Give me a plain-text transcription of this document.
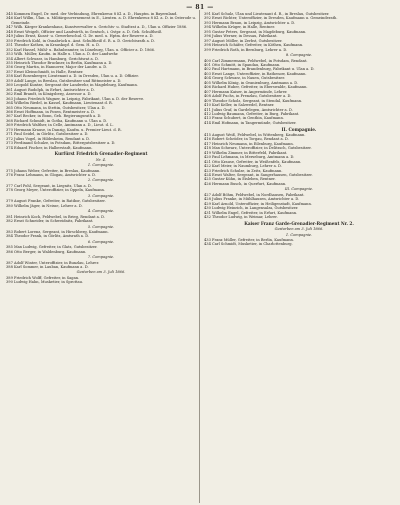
— 81 —

345 Kommen Engel, Dr. med. der Verbindung, Ehrenkreuz 8 Kl. a. D., Hauptm. in Bayernland.

346 Karl Willm, Ulan. u. Militärgouvernement in E., Lieuten. a. D. Ehrenkreuz 8 Kl. a. D. in Osterode u. Gemeinde.

347 Wilh. Kärger Krankenhaus, Kunstverwalter u. Gerichts- u. Stadtrat a. D., Ulan u. Offizier 1886.

348 Ernst Weigelt, Officier und Landwirth, in Gentsch, i. Ostpr. a. D. Geh. Schultheiß.

349 Julius Ernst, Kunst- u. Gewerbeschul. G. Dr. med. u. Hptm. der Reserve a. D.

350 Friedrich Kohl, in Osnabrück u. Amt. Schultheiß d. R. a. D. Gerichtsrath a. D.

351 Theodor Kothen, in Krauskopf. d. Gem. H. a. D.

352 Karl Hassel, Mühl- u. Bahnbeamter, in Lüneburg, Ulan. u. Officier a. D. 1866.

353 Wilh. Müller, Kaufm. in Halle u. Ulan a. D. der Landwehr.

354 Albert Schwarz, in Hamburg, Gerichtsrat a. D.

355 Heinrich Theodor Bruckner, in Berlin, Kaufmann a. D.

356 Georg Martin, in Hannover, Major der Landw. a. D.

357 Ernst Kleinschmidt, in Halle, Rentner.

358 Karl Rosenberger, Lieutenant a. D. in Dresden, Ulan u. a. D. Offizier.

359 Adolf Lange, in Breslau, Gutsbesitzer und Rittmeister a. D.

360 Leopold Kuntze, Sergeant der Landwehr, in Magdeburg, Kaufmann.

361 August Rudolph, in Erfurt, Amtsrichter a. D.

362 Emil Brandt, in Königsberg, Assessor a. D.

363 Johann Friedrich Wagner, in Leipzig, Fabrikant, Ulan a. D. der Reserve.

364 Wilhelm Riedel, in Kassel, Kaufmann, Lieutenant d. R.

365 Otto Neumann, in Stettin, Gutsbesitzer, Ulan a. D.

366 Ernst Hoffmann, in Posen, Rentmeister a. D.

367 Karl Becker, in Bonn, Geh. Regierungsrath a. D.

368 Richard Schmidt, in Gotha, Kaufmann u. Ulan a. D.

369 Friedrich Walther, in Celle, Amtmann a. D., Lieut. d. L.

370 Hermann Krause, in Danzig, Kaufm. u. Premier-Lieut. d. R.

371 Paul Seidel, in Görlitz, Gutsbesitzer a. D.

372 Julius Vogel, in Hildesheim, Rendant a. D.

373 Ferdinand Schulze, in Potsdam, Rittergutsbesitzer a. D.

374 Eduard Fischer, in Halberstadt, Kaufmann.

Kurfürst Friedrich Grenadier-Regiment

Nr. 4.

1. Compagnie.

375 Johann Weber, Gefreiter, in Breslau, Kaufmann.

376 Franz Lehmann, in Glogau, Amtsrichter a. D.

2. Compagnie.

377 Carl Pohl, Sergeant, in Liegnitz, Ulan a. D.

378 Georg Meyer, Unteroffizier, in Oppeln, Kaufmann.

3. Compagnie.

379 August Franke, Gefreiter, in Ratibor, Gutsbesitzer.

380 Wilhelm Jäger, in Neisse, Lehrer a. D.

4. Compagnie.

381 Heinrich Koch, Feldwebel, in Brieg, Rendant a. D.

382 Ernst Schneider, in Schweidnitz, Fabrikant.

5. Compagnie.

383 Robert Lorenz, Sergeant, in Hirschberg, Kaufmann.

384 Theodor Frank, in Görlitz, Amtsrath a. D.

6. Compagnie.

385 Max Ludwig, Gefreiter, in Glatz, Gutsbesitzer.

386 Otto Berger, in Waldenburg, Kaufmann.

7. Compagnie.

387 Adolf Winter, Unteroffizier, in Bunzlau, Lehrer.

388 Karl Sommer, in Lauban, Kaufmann a. D.

Gestorben am 3. Juli 1866.

389 Friedrich Wolff, Gefreiter, in Sagan.

390 Ludwig Hahn, Musketier, in Sprottau.

391 Karl Schulz, Ulan und Lieutenant d. R., in Breslau, Gutsbesitzer.

392 Ernst Richter, Unteroffizier, in Dresden, Kaufmann u. Gemeinderath.

393 Hermann Braun, in Leipzig, Amtsrichter a. D.

394 Wilhelm Krüger, in Halle, Rentner.

395 Gustav Peters, Sergeant, in Magdeburg, Kaufmann.

396 Julius Werner, in Dessau, Fabrikant.

397 August Möller, in Zerbst, Gutsbesitzer.

398 Heinrich Schäfer, Gefreiter, in Köthen, Kaufmann.

399 Friedrich Roth, in Bernburg, Lehrer a. D.

8. Compagnie.

400 Carl Zimmermann, Feldwebel, in Potsdam, Rendant.

401 Otto Schmitt, in Spandau, Kaufmann.

402 Paul Hartmann, in Brandenburg, Fabrikant u. Ulan a. D.

403 Ernst Lange, Unteroffizier, in Rathenow, Kaufmann.

404 Georg Schwarz, in Nauen, Gutsbesitzer.

405 Wilhelm König, in Oranienburg, Amtmann a. D.

406 Richard Huber, Gefreiter, in Eberswalde, Kaufmann.

407 Hermann Kaiser, in Angermünde, Lehrer.

408 Adolf Fuchs, in Prenzlau, Gutsbesitzer a. D.

409 Theodor Scholz, Sergeant, in Stendal, Kaufmann.

410 Karl Keller, in Salzwedel, Rentner.

411 Julius Graf, in Gardelegen, Amtsrichter a. D.

412 Ludwig Baumann, Gefreiter, in Burg, Fabrikant.

413 Franz Schubert, in Genthin, Kaufmann.

414 Emil Hofmann, in Tangermünde, Gutsbesitzer.

II. Compagnie.

415 August Weiß, Feldwebel, in Wittenberg, Kaufmann.

416 Robert Schröder, in Torgau, Rendant a. D.

417 Heinrich Neumann, in Eilenburg, Kaufmann.

418 Max Schwarz, Unteroffizier, in Delitzsch, Gutsbesitzer.

419 Wilhelm Zimmer, in Bitterfeld, Fabrikant.

420 Paul Lehmann, in Merseburg, Amtmann a. D.

421 Otto Krause, Gefreiter, in Weißenfels, Kaufmann.

422 Karl Meier, in Naumburg, Lehrer a. D.

423 Friedrich Schulze, in Zeitz, Kaufmann.

424 Ernst Walter, Sergeant, in Sangerhausen, Gutsbesitzer.

425 Gustav Kühn, in Eisleben, Rentner.

426 Hermann Busch, in Querfurt, Kaufmann.

III. Compagnie.

427 Adolf Böhm, Feldwebel, in Nordhausen, Fabrikant.

428 Julius Franke, in Mühlhausen, Amtsrichter a. D.

429 Karl Arnold, Unteroffizier, in Heiligenstadt, Kaufmann.

430 Ludwig Heinrich, in Langensalza, Gutsbesitzer.

431 Wilhelm Engel, Gefreiter, in Erfurt, Kaufmann.

432 Theodor Ludwig, in Weimar, Lehrer.

Kaiser Franz Garde-Grenadier-Regiment Nr. 2.

Gestorben am 3. Juli 1866.

1. Compagnie.

433 Franz Müller, Gefreiter, in Berlin, Kaufmann.

434 Carl Schmidt, Musketier, in Charlottenburg.
